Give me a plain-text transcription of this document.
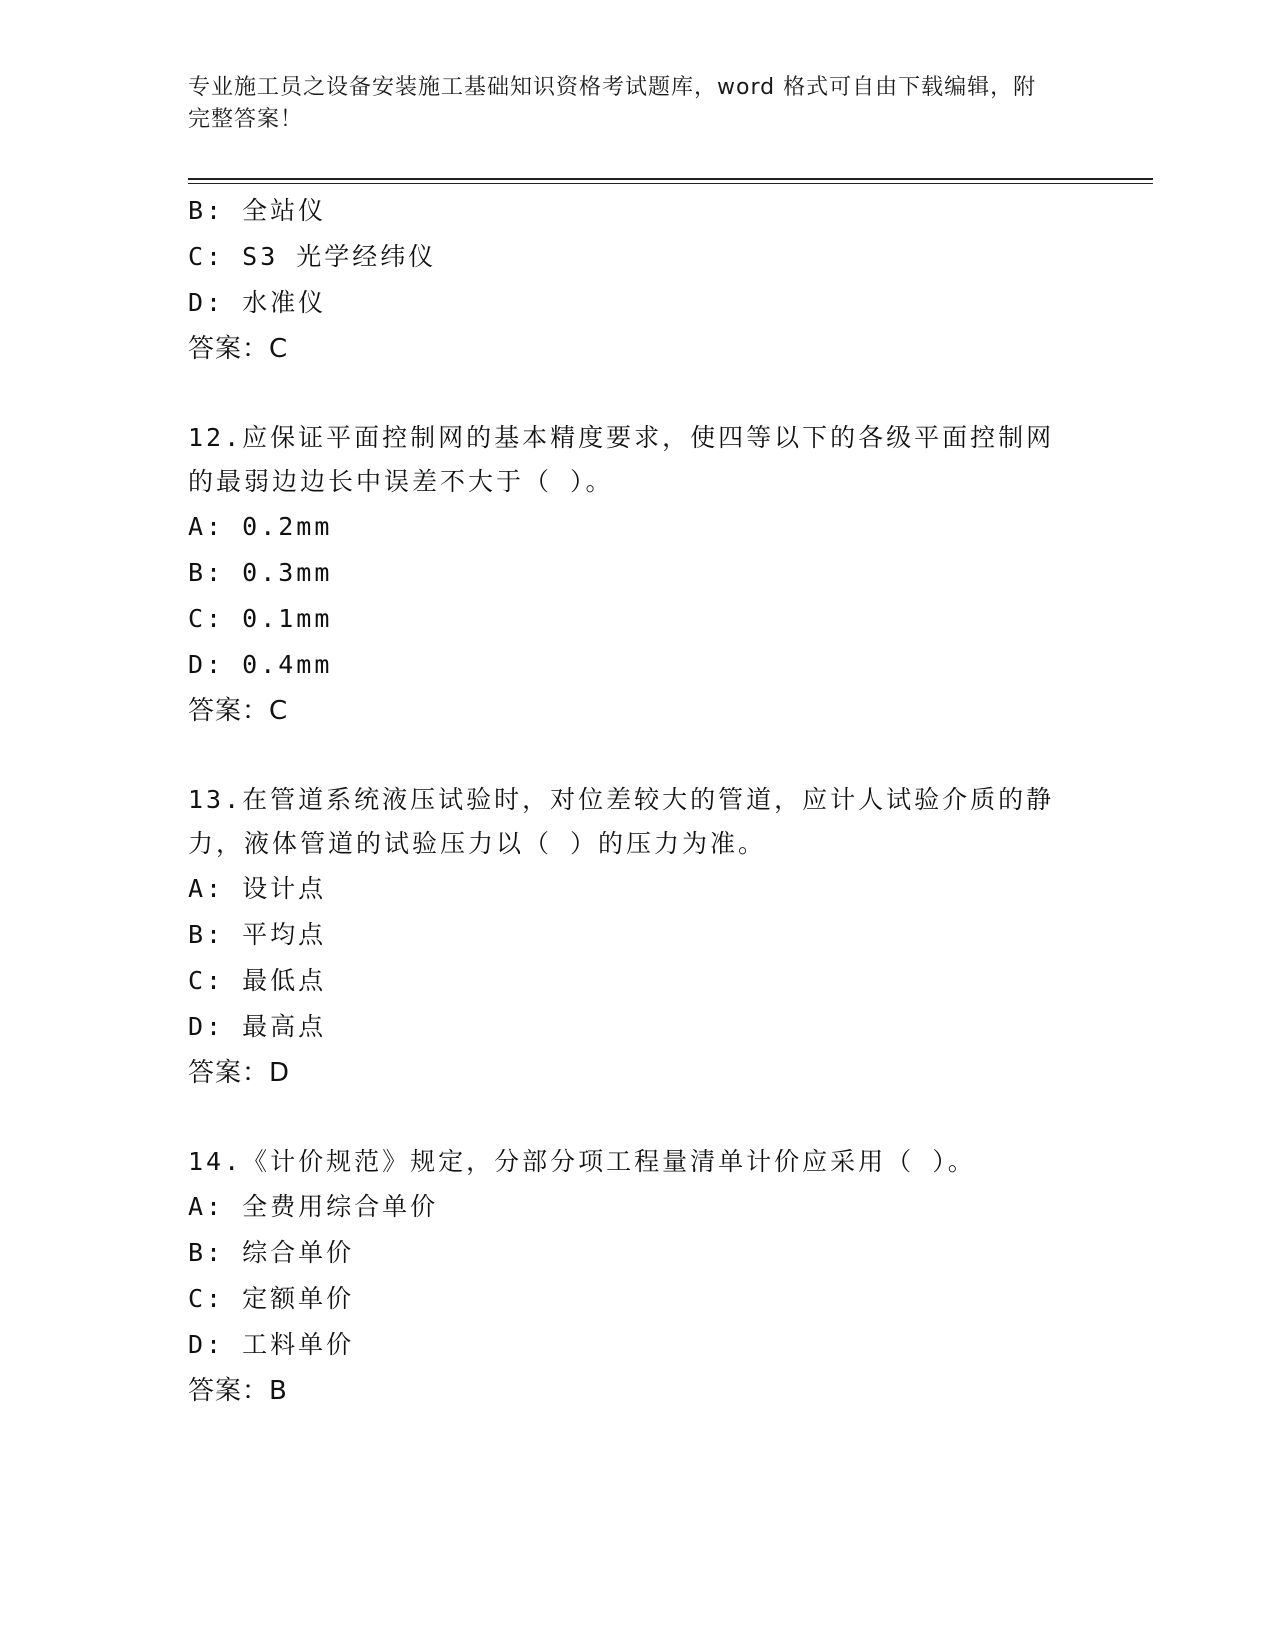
专业施工员之设备安装施工基础知识资格考试题库，word 格式可自由下载编辑，附完整答案！
B: 全站仪
C: S3 光学经纬仪
D: 水准仪
答案：C
12.应保证平面控制网的基本精度要求，使四等以下的各级平面控制网的最弱边边长中误差不大于（ ）。
A: 0.2mm
B: 0.3mm
C: 0.1mm
D: 0.4mm
答案：C
13.在管道系统液压试验时，对位差较大的管道，应计人试验介质的静力，液体管道的试验压力以（ ）的压力为准。
A: 设计点
B: 平均点
C: 最低点
D: 最高点
答案：D
14.《计价规范》规定，分部分项工程量清单计价应采用（ ）。
A: 全费用综合单价
B: 综合单价
C: 定额单价
D: 工料单价
答案：B
